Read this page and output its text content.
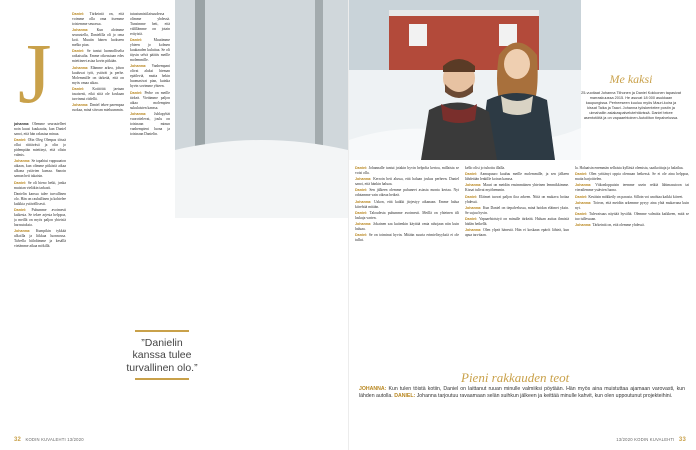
J

johanna: Olemme seurustelleet noin kuusi kuukautta, kun Daniel sanoi, että hän rakastaa minua.

Daniel: Olin Oleg Olenpas töissä ollut riittävästi ja olin jo pidempään miettinyt, että olisin valmis.

Johanna: Se tapahtui vappuaaton aikaan, kun olimme pitkästä aikaa ulkona ystävien kanssa. Sanoin saman heti takaisin.

Daniel: Se oli hieno hetki, jonka muistan vieläkin tarkasti.

Danielin kanssa tulee turvallinen olo. Hän on rauhallinen ja kohtelee kaikkia ystävällisesti.

Daniel: Puhumme avoimesti kaikesta. Se tekee arjesta helppoa, ja meillä on myös paljon yhteisiä harrastuksia.

Johanna: Kumpikin tykkää ulkoilla ja liikkua luonnossa. Talvella hiihdämme ja kesällä vietämme aikaa mökillä.

Daniel: Tärkeintä on, että voimme olla oma itsemme toistemme seurassa.

Johanna: Kun aloimme seurustella, Danielilla oli jo oma koti. Muutin hänen luokseen melko pian.

Daniel: Se tuntui luonnolliselta ratkaisulta. Emme oikeastaan edes miettineet asiaa kovin pitkään.

Johanna: Elämme arkea, johon kuuluvat työt, ystävät ja perhe. Molemmille on tärkeää, että on myös omaa aikaa.

Daniel: Kotitöitä jaetaan tasaisesti, eikä siitä ole koskaan tarvinnut riidellä.

Johanna: Daniel tekee parempaa ruokaa, minä siivoan mieluummin.

”Danielin kanssa tulee turvallinen olo.”

tutustumistilaisuudessa olimme yhdessä. Tunsimme heti, että välillämme on jotain erityistä.

Daniel: Muutimme yhteen jo kolmen kuukauden kuluttua. Se oli täysin selvä päätös meille molemmille.

Johanna: Vanhempani olivat aluksi hieman epäileviä, mutta hekin huomasivat pian, kuinka hyvin sovimme yhteen.

Daniel: Perhe on meille tärkeä. Vietämme paljon aikaa molempien sukulaisten kanssa.

Johanna: Juhlapyhät vuorottelevat, joulu on toisinaan minun vanhempieni luona ja toisinaan Danielin.

32 KODIN KUVALEHTI 13/2020
Me kaksi
25-vuotiaat Johanna Tiihonen ja Daniel Kokkonen tapasivat marraskuussa 2015. He asuvat 18 000 asukkaan kaupungissa. Perheeseen kuuluu myös Mauri-koira ja kissat Taika ja Taavi. Johanna työskentelee postin ja uimahallin asiakaspalvelutehtävissä. Daniel tekee asentotöitä ja on vapaaehtoinen Autoliiton tiepalvelussa.

Daniel: Johannalle tuntui jotakin hyvin helpolta kertoa, millaista se voisi olla.

Johanna: Kerroin heti alussa, että haluan joskus perheen. Daniel sanoi, että hänkin haluaa.

Daniel: Sen jälkeen olemme puhuneet asiasta monta kertaa. Nyt odotamme vain oikeaa hetkeä.

Johanna: Uskon, että kaikki järjestyy aikanaan. Emme halua kiirehtiä mitään.

Daniel: Taloudesta puhumme avoimesti. Meillä on yhteinen tili laskuja varten.

Johanna: Jokainen saa kuitenkin käyttää omia rahojaan niin kuin haluaa.

Daniel: Se on toiminut hyvin. Mitään suuria erimielisyyksiä ei ole tullut.

kello olisi jo tuhottu illalla.

Daniel: Aamupuuro kuuluu meille molemmille, ja sen jälkeen lähdetään lenkille koiran kanssa.

Johanna: Mauri on meidän ensimmäinen yhteinen lemmikkimme. Kissat tulivat myöhemmin.

Daniel: Eläimet tuovat paljon iloa arkeen. Niitä on mukava hoitaa yhdessä.

Johanna: Kun Daniel on tiepalvelussa, minä hoidan eläimet yksin. Se sujuu hyvin.

Daniel: Vapaaehtoistyö on minulle tärkeää. Haluan auttaa ihmisiä hädän hetkellä.

Johanna: Olen ylpeä hänestä. Hän ei koskaan epäröi lähteä, kun apua tarvitaan.

la. Haluaisin enemmän sellaista kyllästä olemista, saaikoittuja ja halailua.

Daniel: Olen yrittänyt oppia olemaan hetkessä. Se ei ole aina helppoa, mutta harjoittelen.

Johanna: Viikonloppuisin teemme usein retkiä lähimaastoon tai vierailemme ystävien luona.

Daniel: Kesäisin mökkeily on parasta. Silloin voi unohtaa kaikki kiireet.

Johanna: Toivon, että meidän arkemme pysyy aina yhtä mukavana kuin nyt.

Daniel: Tulevaisuus näyttää hyvältä. Olemme valmiita kaikkeen, mitä se tuo tullessaan.

Johanna: Tärkeintä on, että olemme yhdessä.

Pieni rakkauden teot
JOHANNA: Kun tulen töistä kotiin, Daniel on laittanut ruuan minulle valmiiksi pöytään. Hän myös aina muistuttaa ajamaan varovasti, kun lähden autolla. DANIEL: Johanna tarjoutuu ravaamaan selän suihkun jälkeen ja keittää minulle kahvit, kun olen uppoutunut projekteihini.
13/2020 KODIN KUVALEHTI 33
